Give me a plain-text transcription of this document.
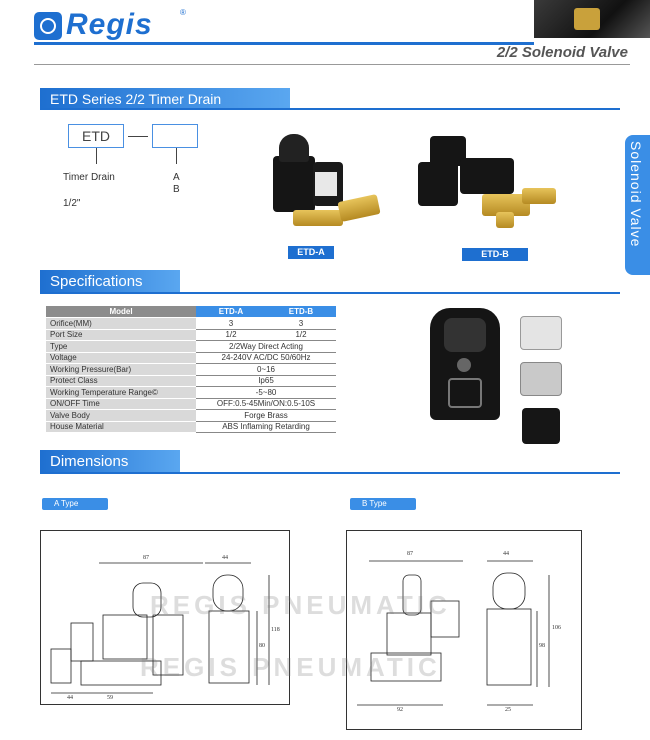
Regis	®
2/2 Solenoid Valve
Solenoid Valve
ETD Series 2/2 Timer Drain
ETD
Timer Drain	A
B
1/2"
ETD-A	ETD-B
Specifications
Model	ETD-A	ETD-B
Orifice(MM)	3	3
Port Size	1/2	1/2
Type	2/2Way Direct Acting	
Voltage	24-240V AC/DC 50/60Hz	
Working Pressure(Bar)	0~16	
Protect Class	Ip65	
Working Temperature Range©	-5~80	
ON/OFF Time	OFF:0.5-45Min/ON:0.5-10S	
Valve Body	Forge Brass	
House Material	ABS Inflaming Retarding	
Dimensions
A Type	B Type
87	44
118
80
44	59
87	44
106
98
92	25
REGIS PNEUMATIC
REGIS PNEUMATIC
